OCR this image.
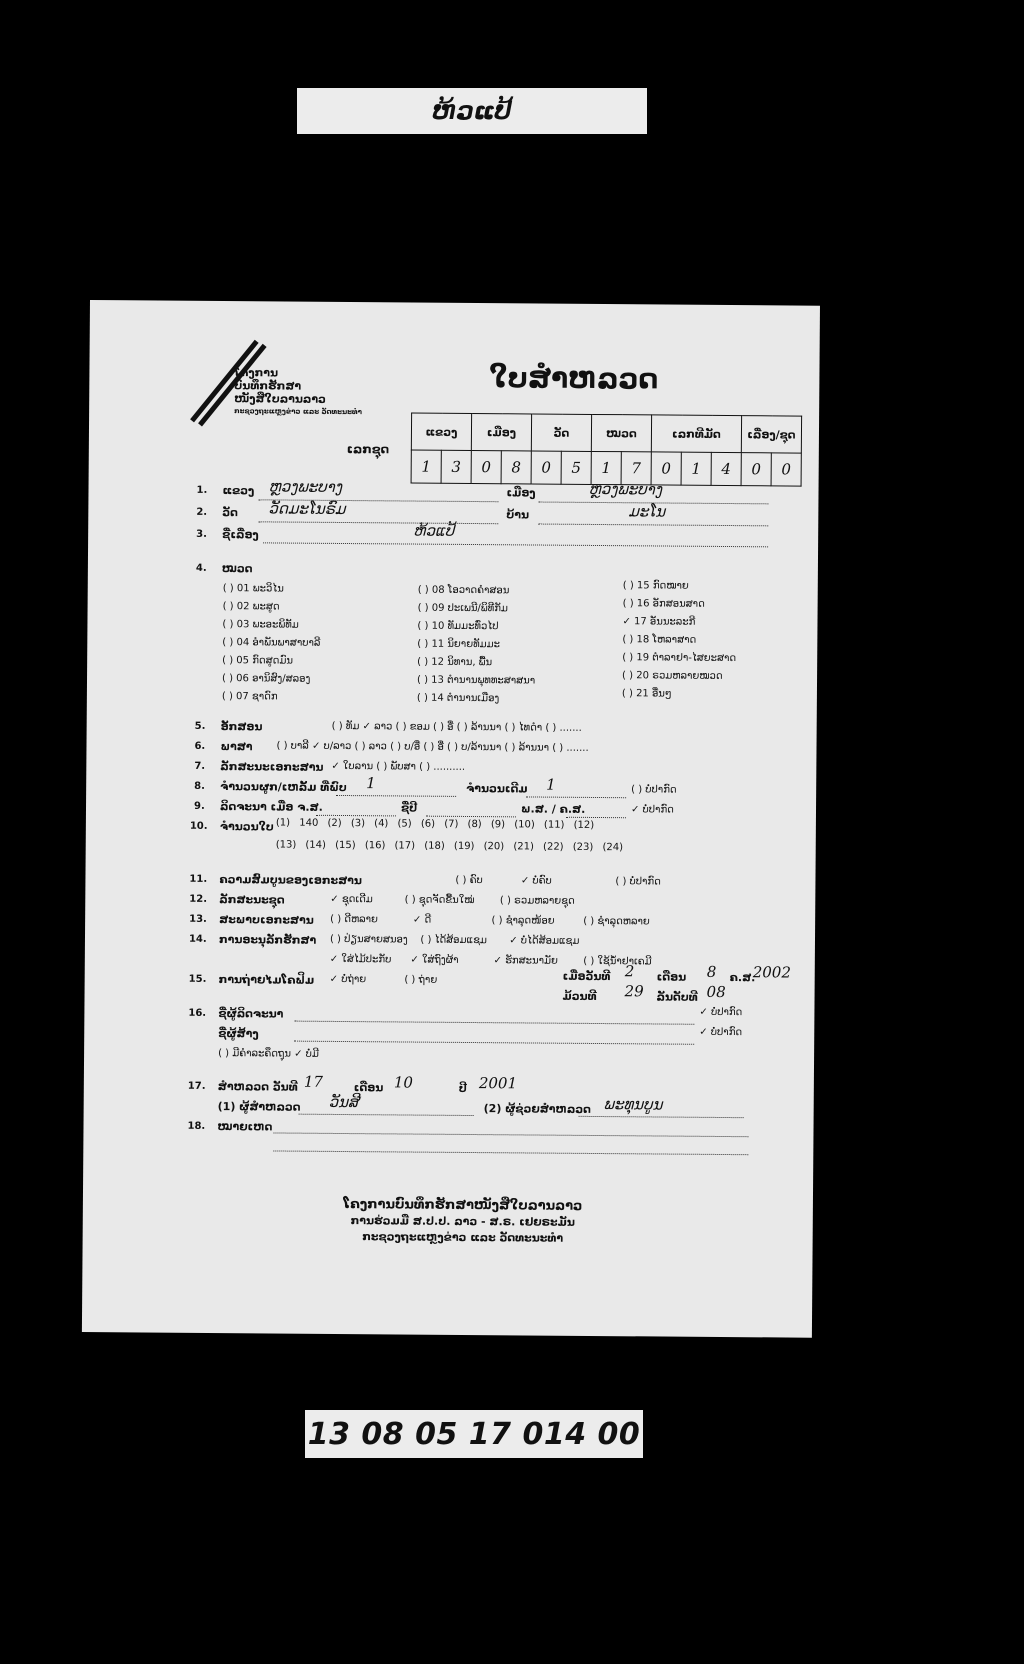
ຫ້ວແປ້
ໂຄງການ
ບົນທຶກຮັກສາ
ໜັງສືໃບລານລາວ
ກະຊວງຖະແຫຼງຂ່າວ ແລະ ວັດທະນະທຳ
ໃບສຳຫລວດ
ເລກຊຸດ
ແຂວງ		ເມືອງ		ວັດ		ໝວດ		ເລກທີມັດ			ເລື່ອງ/ຊຸດ	
1	3	0	8	0	5	1	7	0	1	4	0	0
1. ແຂວງ ຫຼວງພະບາງ	ເມືອງ	ຫຼວງພະບາງ
2. ວັດ ວັດມະໂນຣົມ	ບ້ານ	ມະໂນ
3. ຊື່ເລື່ອງ	ຫ້ວແປ້
4. ໝວດ
( ) 01 ພະວິໄນ
( ) 02 ພະສູດ
( ) 03 ພະອະພິທັມ
( ) 04 ອຳພັນພາສາບາລີ
( ) 05 ກົດສູດມົນ
( ) 06 ອານິສົງ/ສລອງ
( ) 07 ຊາດົກ
( ) 08 ໂອວາດຄຳສອນ
( ) 09 ປະເພນີ/ພິທີກັມ
( ) 10 ທັມມະທົ່ວໄປ
( ) 11 ນິຍາຍທັມມະ
( ) 12 ນິທານ, ພື້ນ
( ) 13 ຕຳນານພຸທທະສາສນາ
( ) 14 ຕຳນານເມືອງ
( ) 15 ກົດໝາຍ
( ) 16 ອັກສອນສາດ
✓ 17 ອັນນະລະກີ
( ) 18 ໂຫລາສາດ
( ) 19 ຕຳລາຢາ-ໄສຍະສາດ
( ) 20 ຣວມຫລາຍໝວດ
( ) 21 ອື່ນໆ
5. ອັກສອນ	( ) ທັມ ✓ ລາວ ( ) ຂອມ ( ) ອື່ ( ) ລ້ານນາ ( ) ໄທດຳ ( ) .......
6. ພາສາ ( ) ບາລີ ✓ ບ/ລາວ ( ) ລາວ ( ) ບ/ອື່ ( ) ອື່ ( ) ບ/ລ້ານນາ ( ) ລ້ານນາ ( ) .......
7. ລັກສະນະເອກະສານ ✓ ໃບລານ ( ) ພັບສາ ( ) ..........
8. ຈຳນວນຜູກ/ເຫລັ້ມ ທີ່ພົບ 1	ຈຳນວນເດີມ 1	( ) ບໍ່ປາກົດ
9. ລິດຈະນາ ເມື່ອ ຈ.ສ.	ຊື່ປີ	ພ.ສ. / ຄ.ສ.	✓ ບໍ່ປາກົດ
10. ຈຳນວນໃບ (1) 140 (2) (3) (4) (5) (6) (7) (8) (9) (10) (11) (12)
(13) (14) (15) (16) (17) (18) (19) (20) (21) (22) (23) (24)
11. ຄວາມສົມບູນຂອງເອກະສານ	( ) ຄົບ            ✓ ບໍ່ຄົບ                    ( ) ບໍ່ປາກົດ
12. ລັກສະນະຊຸດ	✓ ຊຸດເດີມ          ( ) ຊຸດຈັດຂື້ນໃໝ່        ( ) ຣວມຫລາຍຊຸດ
13. ສະພາບເອກະສານ ( ) ດີຫລາຍ           ✓ ດີ                   ( ) ຊຳລຸດໜ້ອຍ         ( ) ຊຳລຸດຫລາຍ
14. ການອະນຸລັກຮັກສາ ( ) ປ່ຽນສາຍສນອງ    ( ) ໄດ້ສ້ອມແຊມ       ✓ ບໍ່ໄດ້ສ້ອມແຊມ
✓ ໃສ່ໄມ້ປະກັບ      ✓ ໃສ່ຖົງຜ້າ           ✓ ຮັກສະນາມັຍ        ( ) ໃຊ້ນ້ຳຢາເຄມີ
15. ການຖ່າຍໄມໂຄຟິມ ✓ ບໍ່ຖ່າຍ            ( ) ຖ່າຍ	ເມື່ອວັນທີ 2 ເດືອນ 8 ຄ.ສ.
2002
ມ້ວນທີ 29 ລັນດັບທີ 08
16. ຊື່ຜູ້ລິດຈະນາ	✓ ບໍ່ປາກົດ
ຊື່ຜູ້ສ້າງ	✓ ບໍ່ປາກົດ
( ) ມີຄຳລະຄຶດຖຸນ ✓ ບໍ່ມີ
17. ສຳຫລວດ ວັນທີ 17	ເດືອນ 10	ປີ 2001
(1) ຜູ້ສຳຫລວດ ວັນສີ	(2) ຜູ້ຊ່ວຍສຳຫລວດ ພະທຸນບູນ
18. ໝາຍເຫດ
ໂຄງການບົນທຶກຮັກສາໜັງສືໃບລານລາວ
ການຮ່ວມມື ສ.ປ.ປ. ລາວ - ສ.ຣ. ເຢຍຣະມັນ
ກະຊວງຖະແຫຼງຂ່າວ ແລະ ວັດທະນະທຳ
13 08 05 17 014 00
